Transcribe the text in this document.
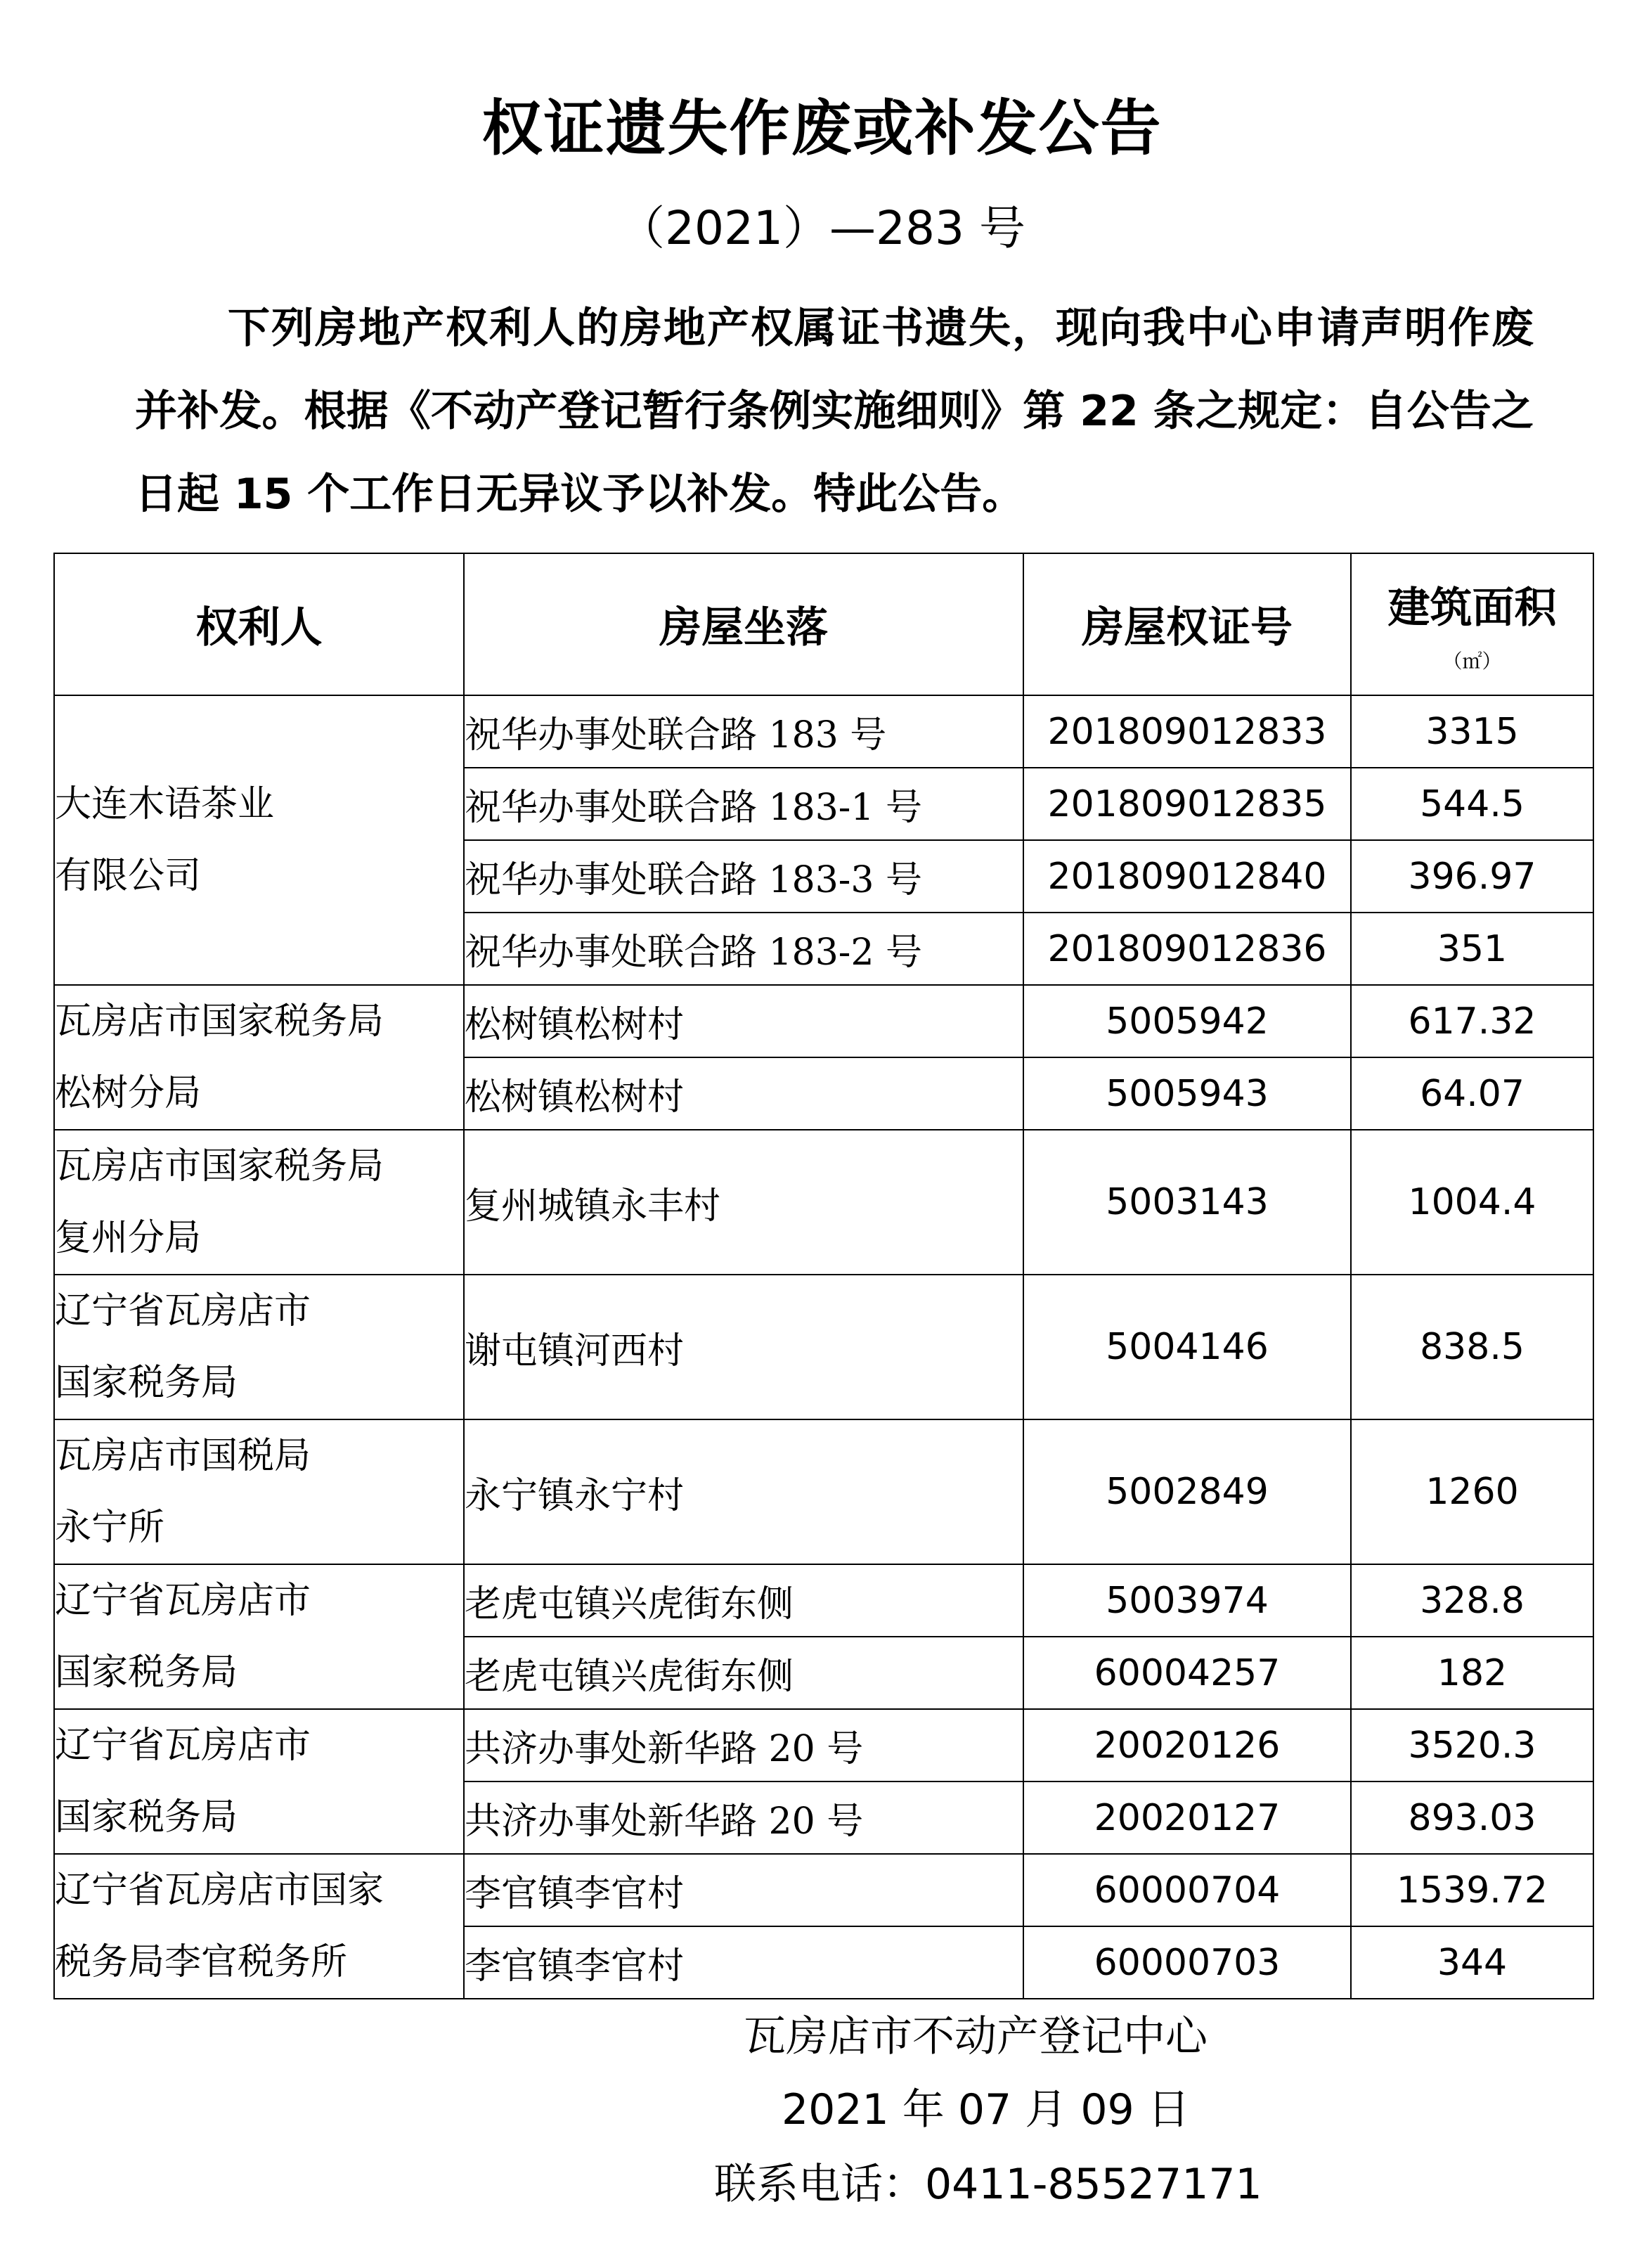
权证遗失作废或补发公告
（2021）—283 号
下列房地产权利人的房地产权属证书遗失，现向我中心申请声明作废并补发。根据《不动产登记暂行条例实施细则》第 22 条之规定：自公告之日起 15 个工作日无异议予以补发。特此公告。
权利人	房屋坐落	房屋权证号	建筑面积
（㎡）

大连木语茶业
有限公司	祝华办事处联合路 183 号	201809012833	3315
	祝华办事处联合路 183-1 号	201809012835	544.5
	祝华办事处联合路 183-3 号	201809012840	396.97
	祝华办事处联合路 183-2 号	201809012836	351

瓦房店市国家税务局
松树分局	松树镇松树村	5005942	617.32
	松树镇松树村	5005943	64.07

瓦房店市国家税务局
复州分局	复州城镇永丰村	5003143	1004.4

辽宁省瓦房店市
国家税务局	谢屯镇河西村	5004146	838.5

瓦房店市国税局
永宁所	永宁镇永宁村	5002849	1260

辽宁省瓦房店市
国家税务局	老虎屯镇兴虎街东侧	5003974	328.8
	老虎屯镇兴虎街东侧	60004257	182

辽宁省瓦房店市
国家税务局	共济办事处新华路 20 号	20020126	3520.3
	共济办事处新华路 20 号	20020127	893.03

辽宁省瓦房店市国家
税务局李官税务所	李官镇李官村	60000704	1539.72
	李官镇李官村	60000703	344
瓦房店市不动产登记中心
2021 年 07 月 09 日
联系电话：0411-85527171
